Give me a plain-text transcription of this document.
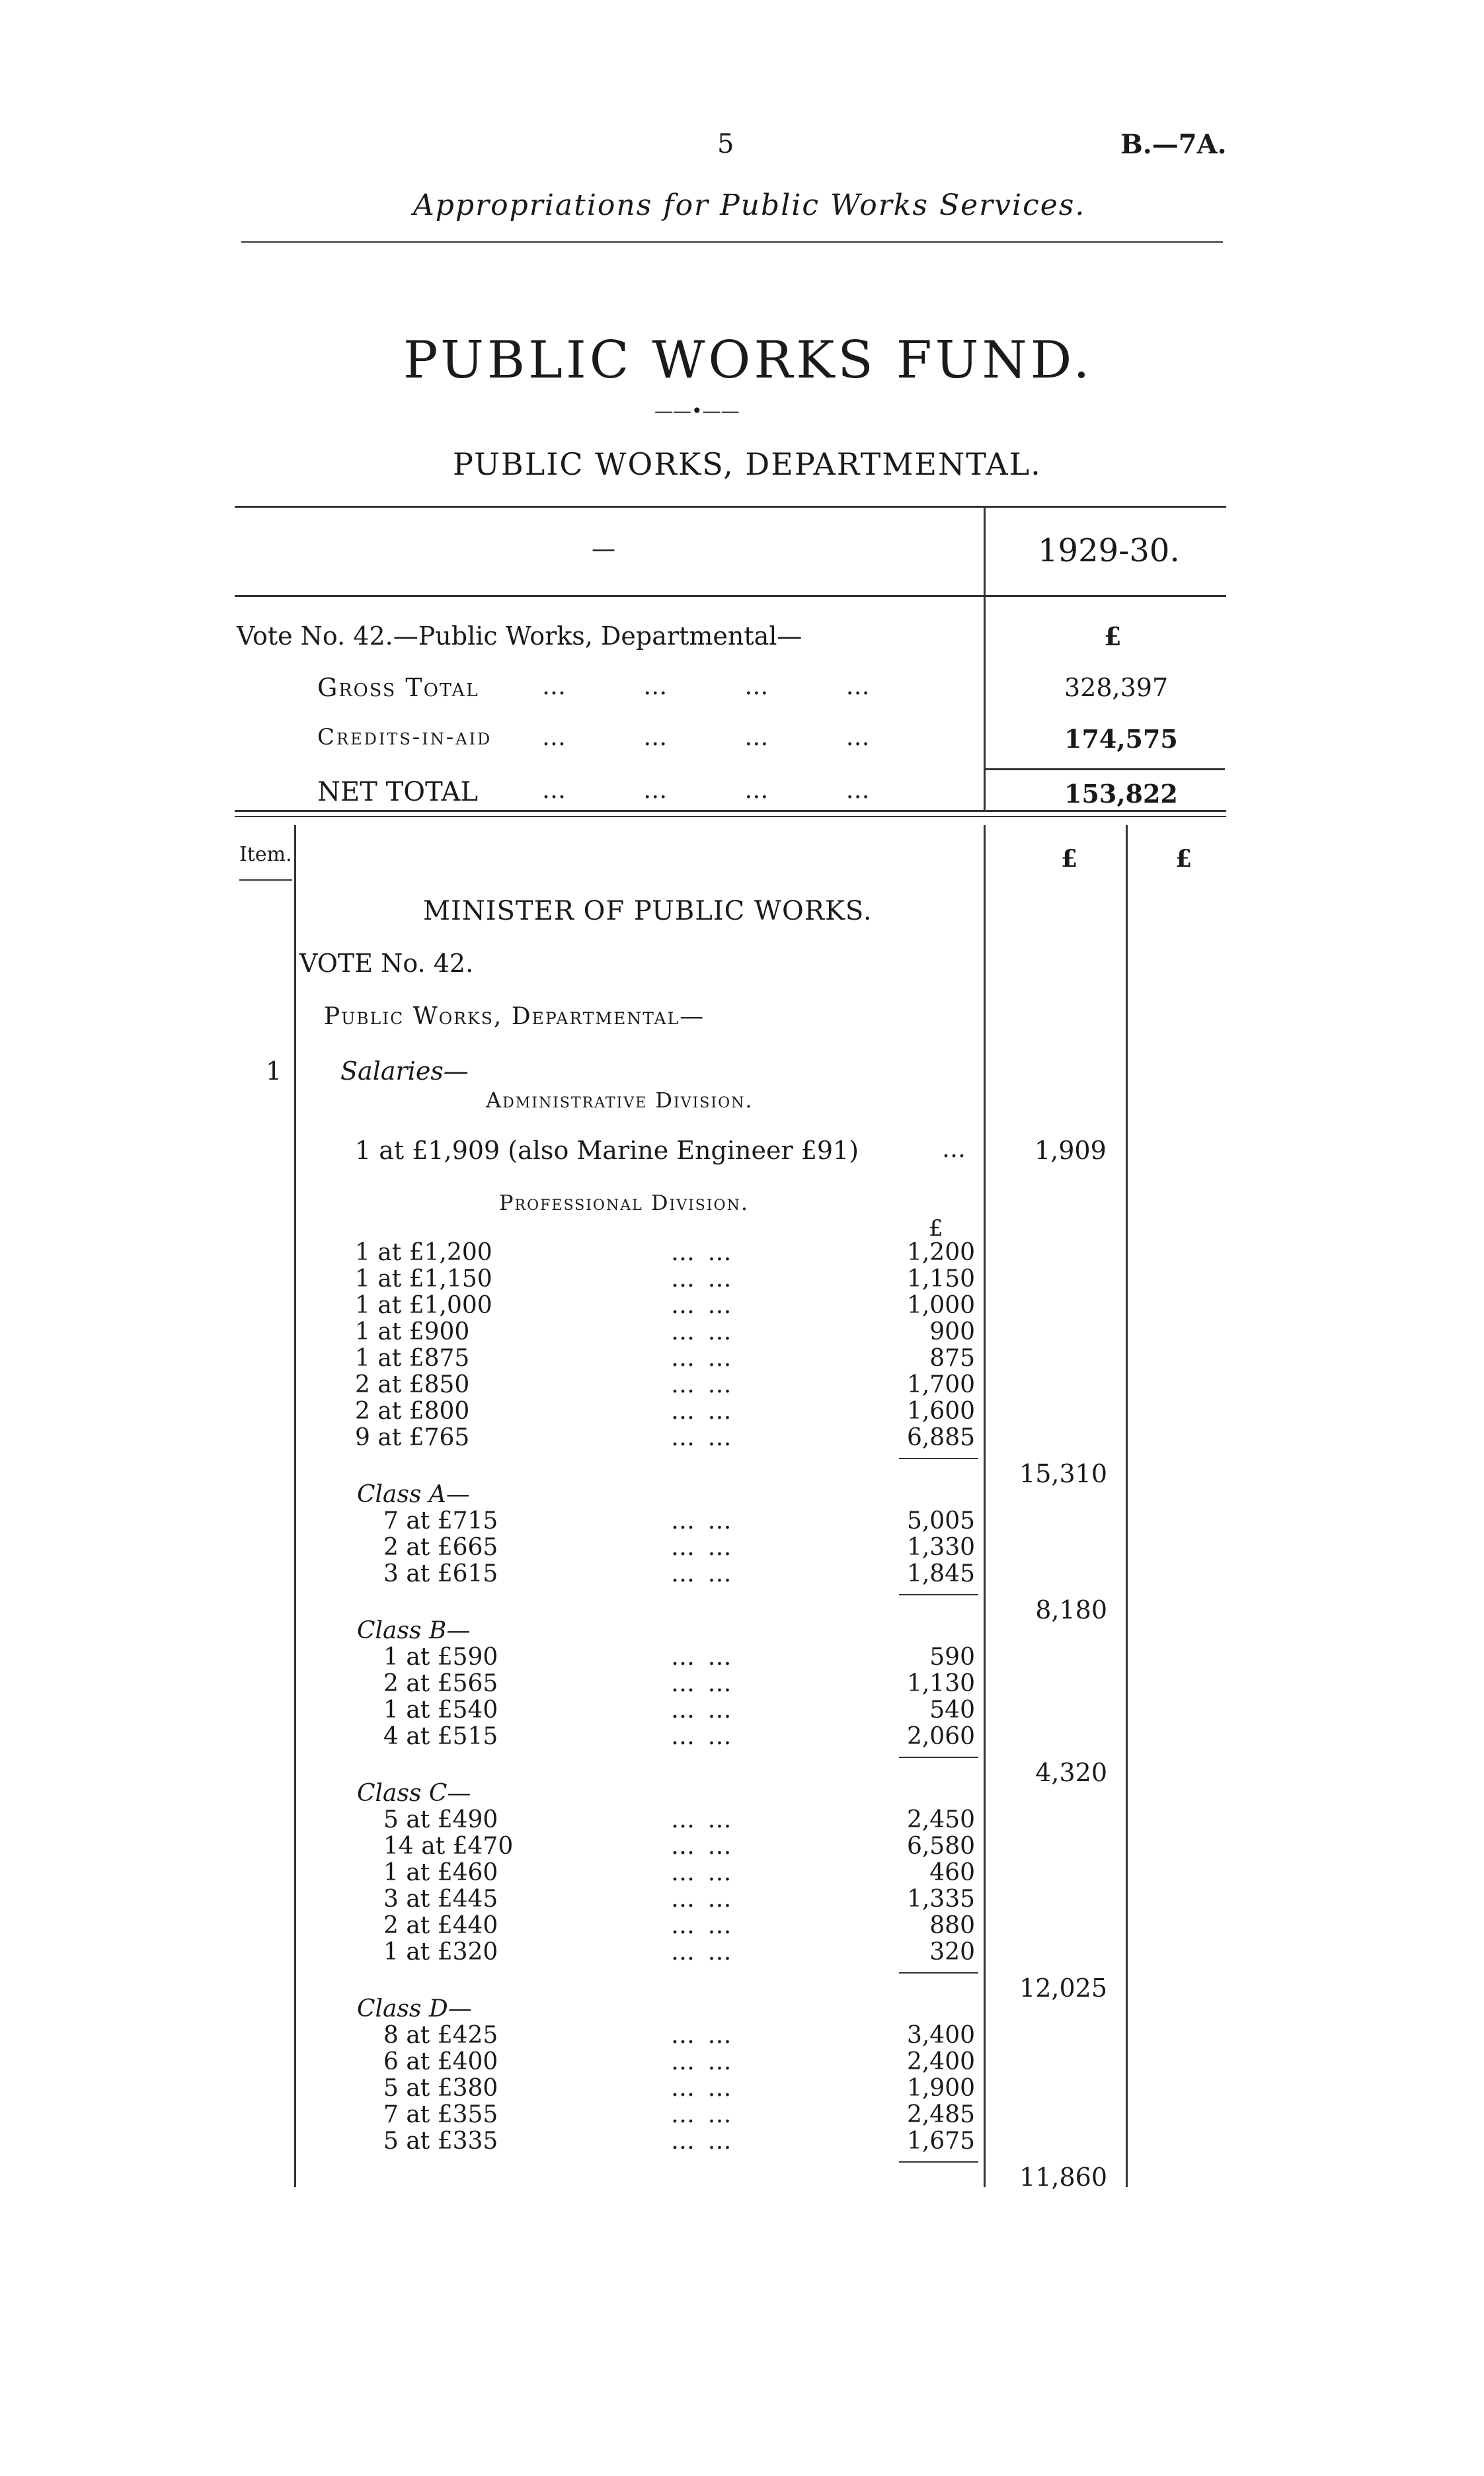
5	B.—7A.
Appropriations for Public Works Services.
PUBLIC WORKS FUND.
——•——
PUBLIC WORKS, DEPARTMENTAL.
—	1929-30.
Vote No. 42.—Public Works, Departmental—	£
Gross Total	…     …     …     …	328,397
Credits-in-aid …     …     …     …	174,575
NET TOTAL	…     …     …     …	153,822
Item.	£	£
MINISTER OF PUBLIC WORKS.
VOTE No. 42.
Public Works, Departmental—
1 Salaries—
Administrative Division.
1 at £1,909 (also Marine Engineer £91)	…	1,909
Professional Division.
£
1 at £1,200	… …	1,200
1 at £1,150	… …	1,150
1 at £1,000	… …	1,000
1 at £900	… …	900
1 at £875	… …	875
2 at £850	… …	1,700
2 at £800	… …	1,600
9 at £765	… …	6,885
15,310
Class A—
7 at £715	… …	5,005
2 at £665	… …	1,330
3 at £615	… …	1,845
8,180
Class B—
1 at £590	… …	590
2 at £565	… …	1,130
1 at £540	… …	540
4 at £515	… …	2,060
4,320
Class C—
5 at £490	… …	2,450
14 at £470	… …	6,580
1 at £460	… …	460
3 at £445	… …	1,335
2 at £440	… …	880
1 at £320	… …	320
12,025
Class D—
8 at £425	… …	3,400
6 at £400	… …	2,400
5 at £380	… …	1,900
7 at £355	… …	2,485
5 at £335	… …	1,675
11,860
